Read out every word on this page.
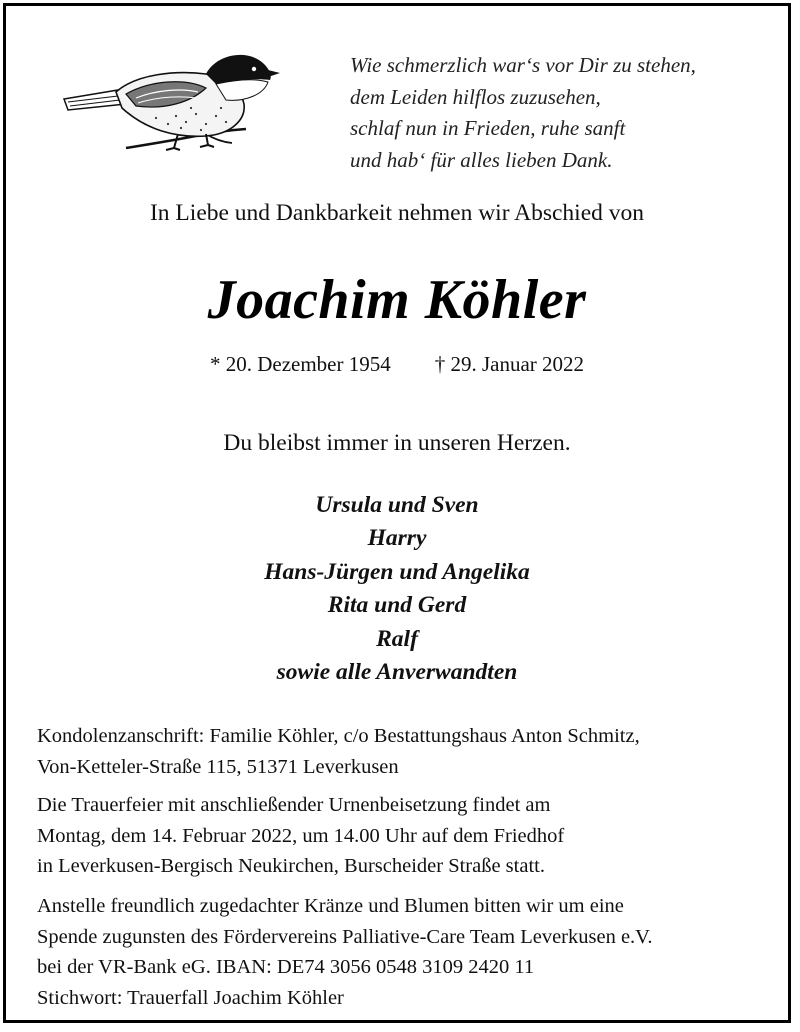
Wie schmerzlich war‘s vor Dir zu stehen,
dem Leiden hilflos zuzusehen,
schlaf nun in Frieden, ruhe sanft
und hab‘ für alles lieben Dank.
In Liebe und Dankbarkeit nehmen wir Abschied von
Joachim Köhler
* 20. Dezember 1954 † 29. Januar 2022
Du bleibst immer in unseren Herzen.
Ursula und Sven
Harry
Hans-Jürgen und Angelika
Rita und Gerd
Ralf
sowie alle Anverwandten
Kondolenzanschrift: Familie Köhler, c/o Bestattungshaus Anton Schmitz,
Von-Ketteler-Straße 115, 51371 Leverkusen
Die Trauerfeier mit anschließender Urnenbeisetzung findet am
Montag, dem 14. Februar 2022, um 14.00 Uhr auf dem Friedhof
in Leverkusen-Bergisch Neukirchen, Burscheider Straße statt.
Anstelle freundlich zugedachter Kränze und Blumen bitten wir um eine
Spende zugunsten des Fördervereins Palliative-Care Team Leverkusen e.V.
bei der VR-Bank eG. IBAN: DE74 3056 0548 3109 2420 11
Stichwort: Trauerfall Joachim Köhler
